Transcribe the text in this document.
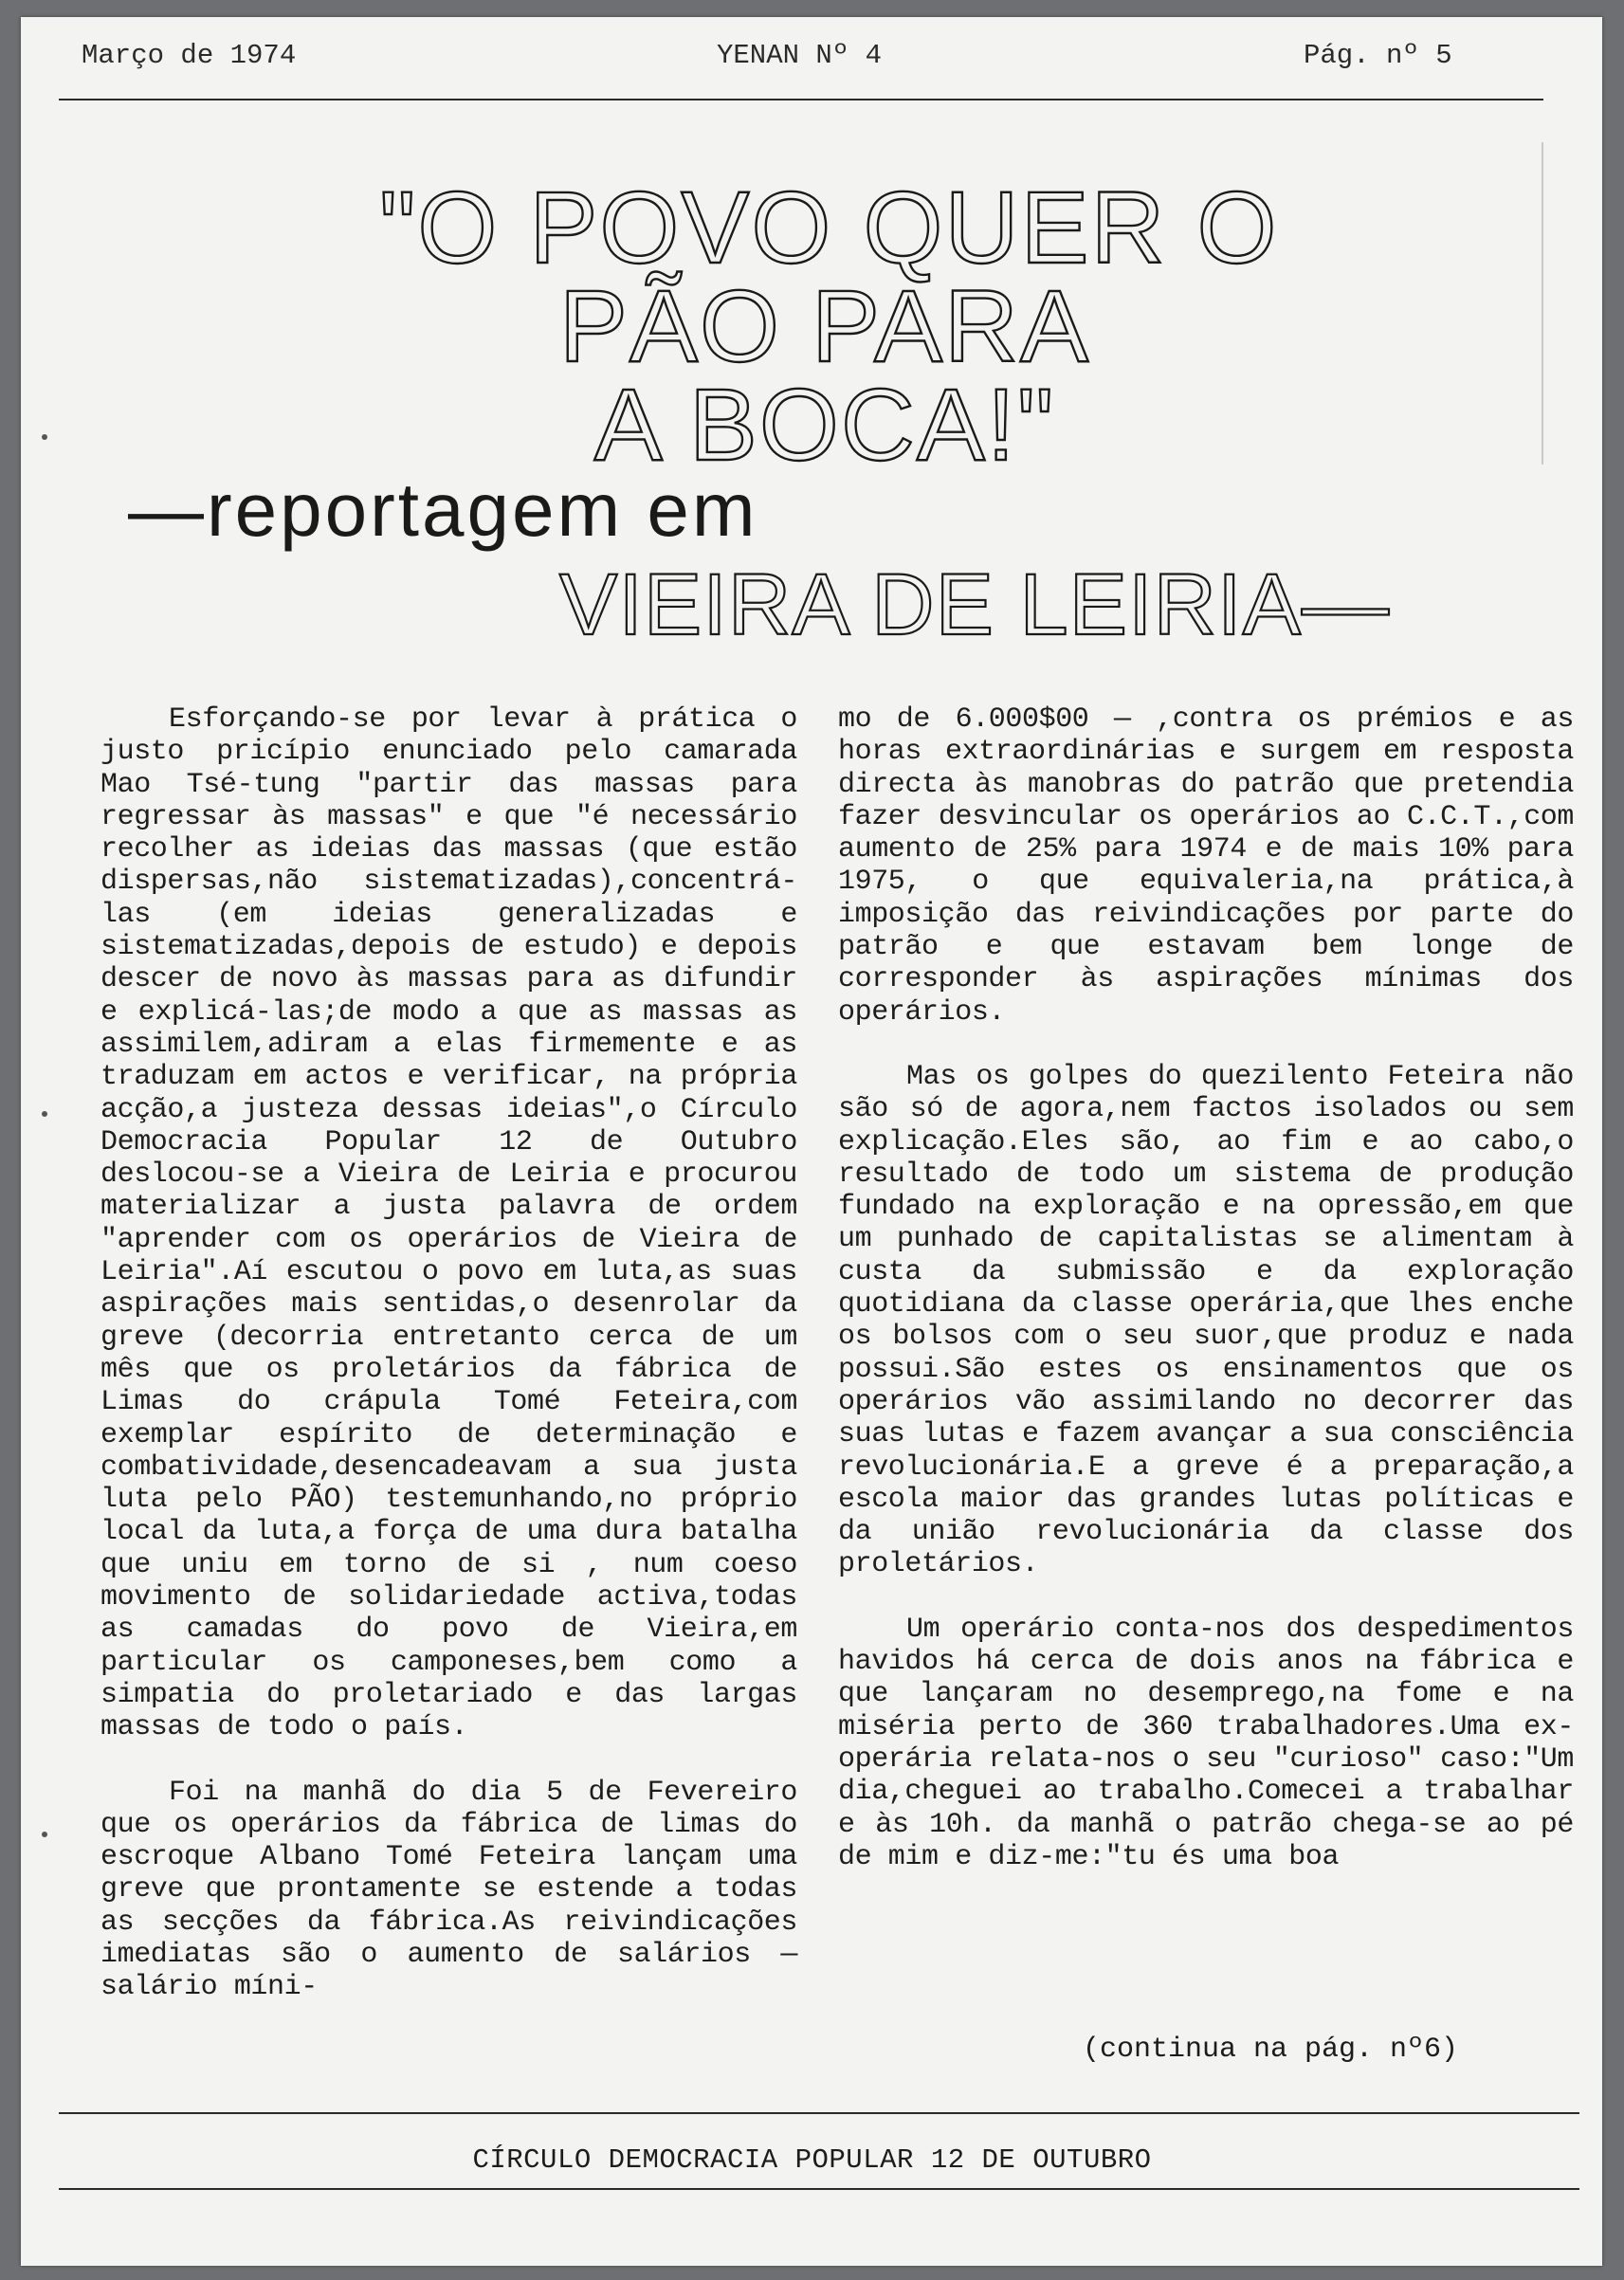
Março de 1974	YENAN Nº 4	Pág. nº 5
"O POVO QUER O
PÃO PARA
A BOCA!"
—reportagem em
VIEIRA DE LEIRIA—

Esforçando-se por levar à prática o justo pricípio enunciado pelo camarada Mao Tsé-tung "partir das massas para regressar às massas" e que "é necessário recolher as ideias das massas (que estão dispersas,não sistematizadas),concentrá-las (em ideias generalizadas e sistematizadas,depois de estudo) e depois descer de novo às massas para as difundir e explicá-las;de modo a que as massas as assimilem,adiram a elas firmemente e as traduzam em actos e verificar, na própria acção,a justeza dessas ideias",o Círculo Democracia Popular 12 de Outubro deslocou-se a Vieira de Leiria e procurou materializar a justa palavra de ordem "aprender com os operários de Vieira de Leiria".Aí escutou o povo em luta,as suas aspirações mais sentidas,o desenrolar da greve (decorria entretanto cerca de um mês que os proletários da fábrica de Limas do crápula Tomé Feteira,com exemplar espírito de determinação e combatividade,desencadeavam a sua justa luta pelo PÃO) testemunhando,no próprio local da luta,a força de uma dura batalha que uniu em torno de si , num coeso movimento de solidariedade activa,todas as camadas do povo de Vieira,em particular os camponeses,bem como a simpatia do proletariado e das largas massas de todo o país.

Foi na manhã do dia 5 de Fevereiro que os operários da fábrica de limas do escroque Albano Tomé Feteira lançam uma greve que prontamente se estende a todas as secções da fábrica.As reivindicações imediatas são o aumento de salários — salário míni-

mo de 6.000$00 — ,contra os prémios e as horas extraordinárias e surgem em resposta directa às manobras do patrão que pretendia fazer desvincular os operários ao C.C.T.,com aumento de 25% para 1974 e de mais 10% para 1975, o que equivaleria,na prática,à imposição das reivindicações por parte do patrão e que estavam bem longe de corresponder às aspirações mínimas dos operários.

Mas os golpes do quezilento Feteira não são só de agora,nem factos isolados ou sem explicação.Eles são, ao fim e ao cabo,o resultado de todo um sistema de produção fundado na exploração e na opressão,em que um punhado de capitalistas se alimentam à custa da submissão e da exploração quotidiana da classe operária,que lhes enche os bolsos com o seu suor,que produz e nada possui.São estes os ensinamentos que os operários vão assimilando no decorrer das suas lutas e fazem avançar a sua consciência revolucionária.E a greve é a preparação,a escola maior das grandes lutas políticas e da união revolucionária da classe dos proletários.

Um operário conta-nos dos despedimentos havidos há cerca de dois anos na fábrica e que lançaram no desemprego,na fome e na miséria perto de 360 trabalhadores.Uma ex-operária relata-nos o seu "curioso" caso:"Um dia,cheguei ao trabalho.Comecei a trabalhar e às 10h. da manhã o patrão chega-se ao pé de mim e diz-me:"tu és uma boa

(continua na pág. nº6)
CÍRCULO DEMOCRACIA POPULAR 12 DE OUTUBRO
